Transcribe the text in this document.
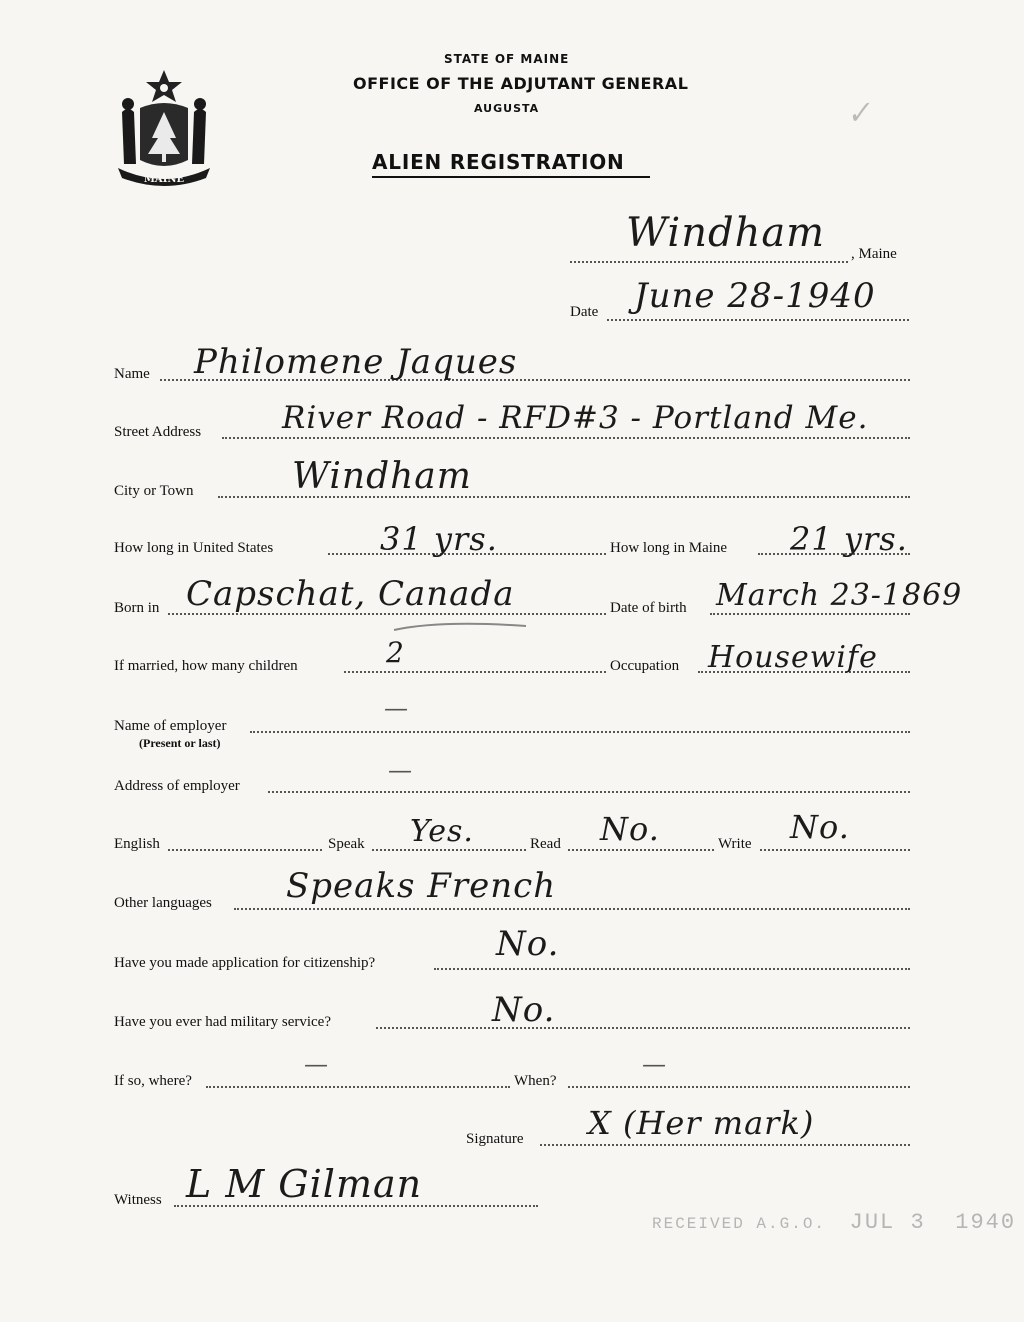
MAINE
STATE OF MAINE
OFFICE OF THE ADJUTANT GENERAL
AUGUSTA
ALIEN REGISTRATION
✓
Windham , Maine
Date June 28-1940
Name Philomene Jaques
Street Address	River Road - RFD#3 - Portland Me.
City or Town	Windham
How long in United States	31 yrs.	How long in Maine 21 yrs.
Born in Capschat, Canada	Date of birth March 23-1869
If married, how many children	2	Occupation Housewife
Name of employer
(Present or last)
—
Address of employer
—
English	Speak Yes.	Read No.	Write No.
Other languages Speaks French
Have you made application for citizenship?	No.
Have you ever had military service?	No.
If so, where?
—
When?
—
Signature X (Her mark)
Witness L M Gilman
RECEIVED A.G.O. JUL 3 1940
